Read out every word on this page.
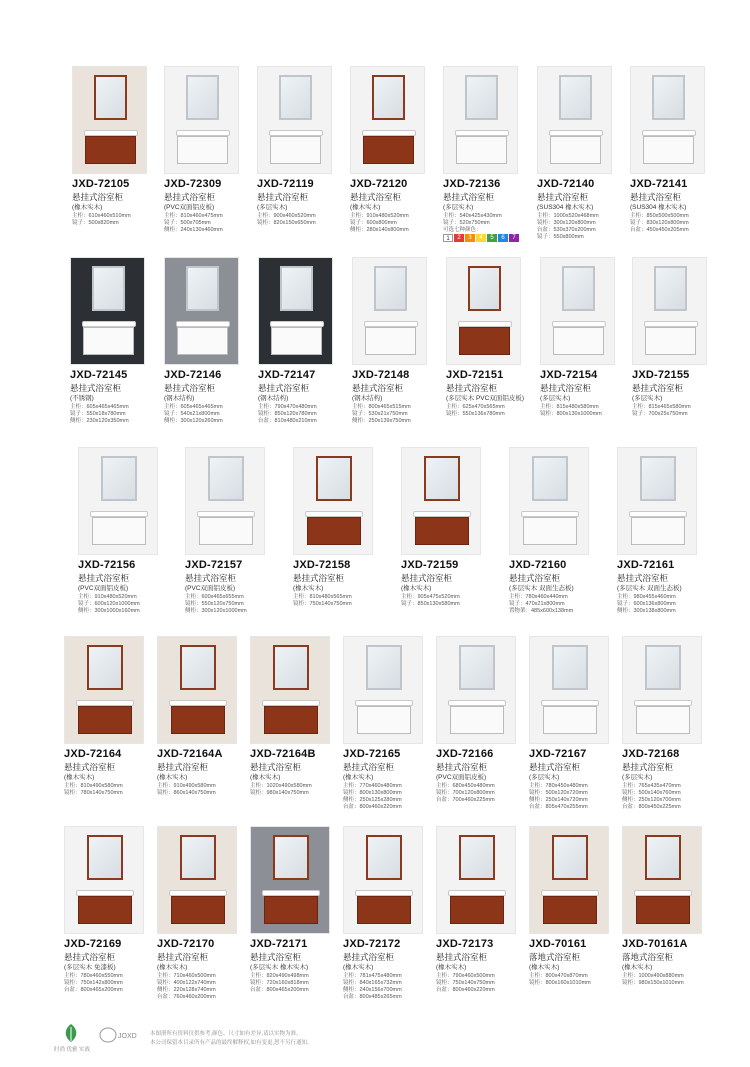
JXD-72105
悬挂式浴室柜
(橡木实木)
主柜：610x460x510mm
镜子：500x820mm
JXD-72309
悬挂式浴室柜
(PVC双面铝皮板)
主柜：810x460x475mm
镜子：500x705mm
侧柜：240x130x460mm
JXD-72119
悬挂式浴室柜
(多层实木)
主柜：900x460x520mm
镜柜：820x150x650mm
JXD-72120
悬挂式浴室柜
(橡木实木)
主柜：910x480x520mm
镜子：600x800mm
侧柜：280x140x800mm
JXD-72136
悬挂式浴室柜
(多层实木)
主柜：540x425x430mm
镜子：520x750mm
可选七种颜色：
1	2	3	4	5	6	7
JXD-72140
悬挂式浴室柜
(SUS304 橡木实木)
主柜：1000x520x468mm
镜柜：300x120x800mm
台盆：530x370x200mm
镜子：550x800mm
JXD-72141
悬挂式浴室柜
(SUS304 橡木实木)
主柜：850x500x500mm
镜子：830x120x800mm
台盆：450x450x205mm
JXD-72145
悬挂式浴室柜
(不锈钢)
主柜：605x465x465mm
镜子：550x18x780mm
侧柜：230x120x350mm
JXD-72146
悬挂式浴室柜
(钢木结构)
主柜：605x465x465mm
镜子：540x21x800mm
侧柜：300x120x260mm
JXD-72147
悬挂式浴室柜
(钢木结构)
主柜：790x470x480mm
镜柜：850x120x780mm
台盆：810x480x210mm
JXD-72148
悬挂式浴室柜
(钢木结构)
主柜：800x465x515mm
镜子：530x21x750mm
侧柜：250x139x750mm
JXD-72151
悬挂式浴室柜
(多层实木 PVC双面铝皮板)
主柜：625x470x565mm
镜柜：550x136x780mm
JXD-72154
悬挂式浴室柜
(多层实木)
主柜：815x480x580mm
镜柜：800x130x1000mm
JXD-72155
悬挂式浴室柜
(多层实木)
主柜：815x465x580mm
镜子：700x25x750mm
JXD-72156
悬挂式浴室柜
(PVC双面铝皮板)
主柜：910x480x520mm
镜子：600x120x1000mm
侧柜：300x1000x160mm
JXD-72157
悬挂式浴室柜
(PVC双面铝皮板)
主柜：600x465x655mm
镜柜：550x120x750mm
侧柜：300x120x1000mm
JXD-72158
悬挂式浴室柜
(橡木实木)
主柜：810x480x565mm
镜柜：750x140x750mm
JXD-72159
悬挂式浴室柜
(橡木实木)
主柜：905x475x520mm
镜子：850x130x580mm
JXD-72160
悬挂式浴室柜
(多层实木 双面生态板)
主柜：780x460x440mm
镜子：470x21x800mm
置物架：485x600x138mm
JXD-72161
悬挂式浴室柜
(多层实木 双面生态板)
主柜：980x455x460mm
镜子：600x136x800mm
侧柜：300x138x800mm
JXD-72164
悬挂式浴室柜
(橡木实木)
主柜：810x490x580mm
镜柜：780x140x750mm
JXD-72164A
悬挂式浴室柜
(橡木实木)
主柜：910x490x580mm
镜柜：860x140x750mm
JXD-72164B
悬挂式浴室柜
(橡木实木)
主柜：1020x490x580mm
镜柜：980x140x750mm
JXD-72165
悬挂式浴室柜
(橡木实木)
主柜：770x460x480mm
镜柜：800x130x800mm
侧柜：250x125x280mm
台盆：800x460x220mm
JXD-72166
悬挂式浴室柜
(PVC双面铝皮板)
主柜：680x450x480mm
镜柜：700x120x800mm
台盆：700x460x225mm
JXD-72167
悬挂式浴室柜
(多层实木)
主柜：780x450x480mm
镜柜：500x120x720mm
侧柜：250x140x720mm
台盆：805x470x255mm
JXD-72168
悬挂式浴室柜
(多层实木)
主柜：765x435x470mm
镜柜：500x140x760mm
侧柜：250x120x700mm
台盆：800x450x225mm
JXD-72169
悬挂式浴室柜
(多层实木 免漆板)
主柜：780x460x550mm
镜柜：750x142x800mm
台盆：800x465x200mm
JXD-72170
悬挂式浴室柜
(橡木实木)
主柜：710x460x500mm
镜柜：400x122x740mm
侧柜：220x128x740mm
台盆：760x460x200mm
JXD-72171
悬挂式浴室柜
(多层实木 橡木实木)
主柜：820x490x498mm
镜柜：720x160x818mm
台盆：800x465x200mm
JXD-72172
悬挂式浴室柜
(橡木实木)
主柜：781x475x480mm
镜柜：840x165x732mm
侧柜：240x156x700mm
台盆：800x485x265mm
JXD-72173
悬挂式浴室柜
(橡木实木)
主柜：790x460x500mm
镜柜：750x140x750mm
台盆：800x460x220mm
JXD-70161
落地式浴室柜
(橡木实木)
主柜：800x470x870mm
镜柜：800x160x1010mm
JXD-70161A
落地式浴室柜
(橡木实木)
主柜：1000x490x880mm
镜柜：980x150x1010mm
时尚 优雅 实战
JOXD 本图册所有资料仅供参考,颜色、尺寸如有差异,请以实物为准。
本公司保留本目录所有产品的最终解释权,如有变更,恕不另行通知。
